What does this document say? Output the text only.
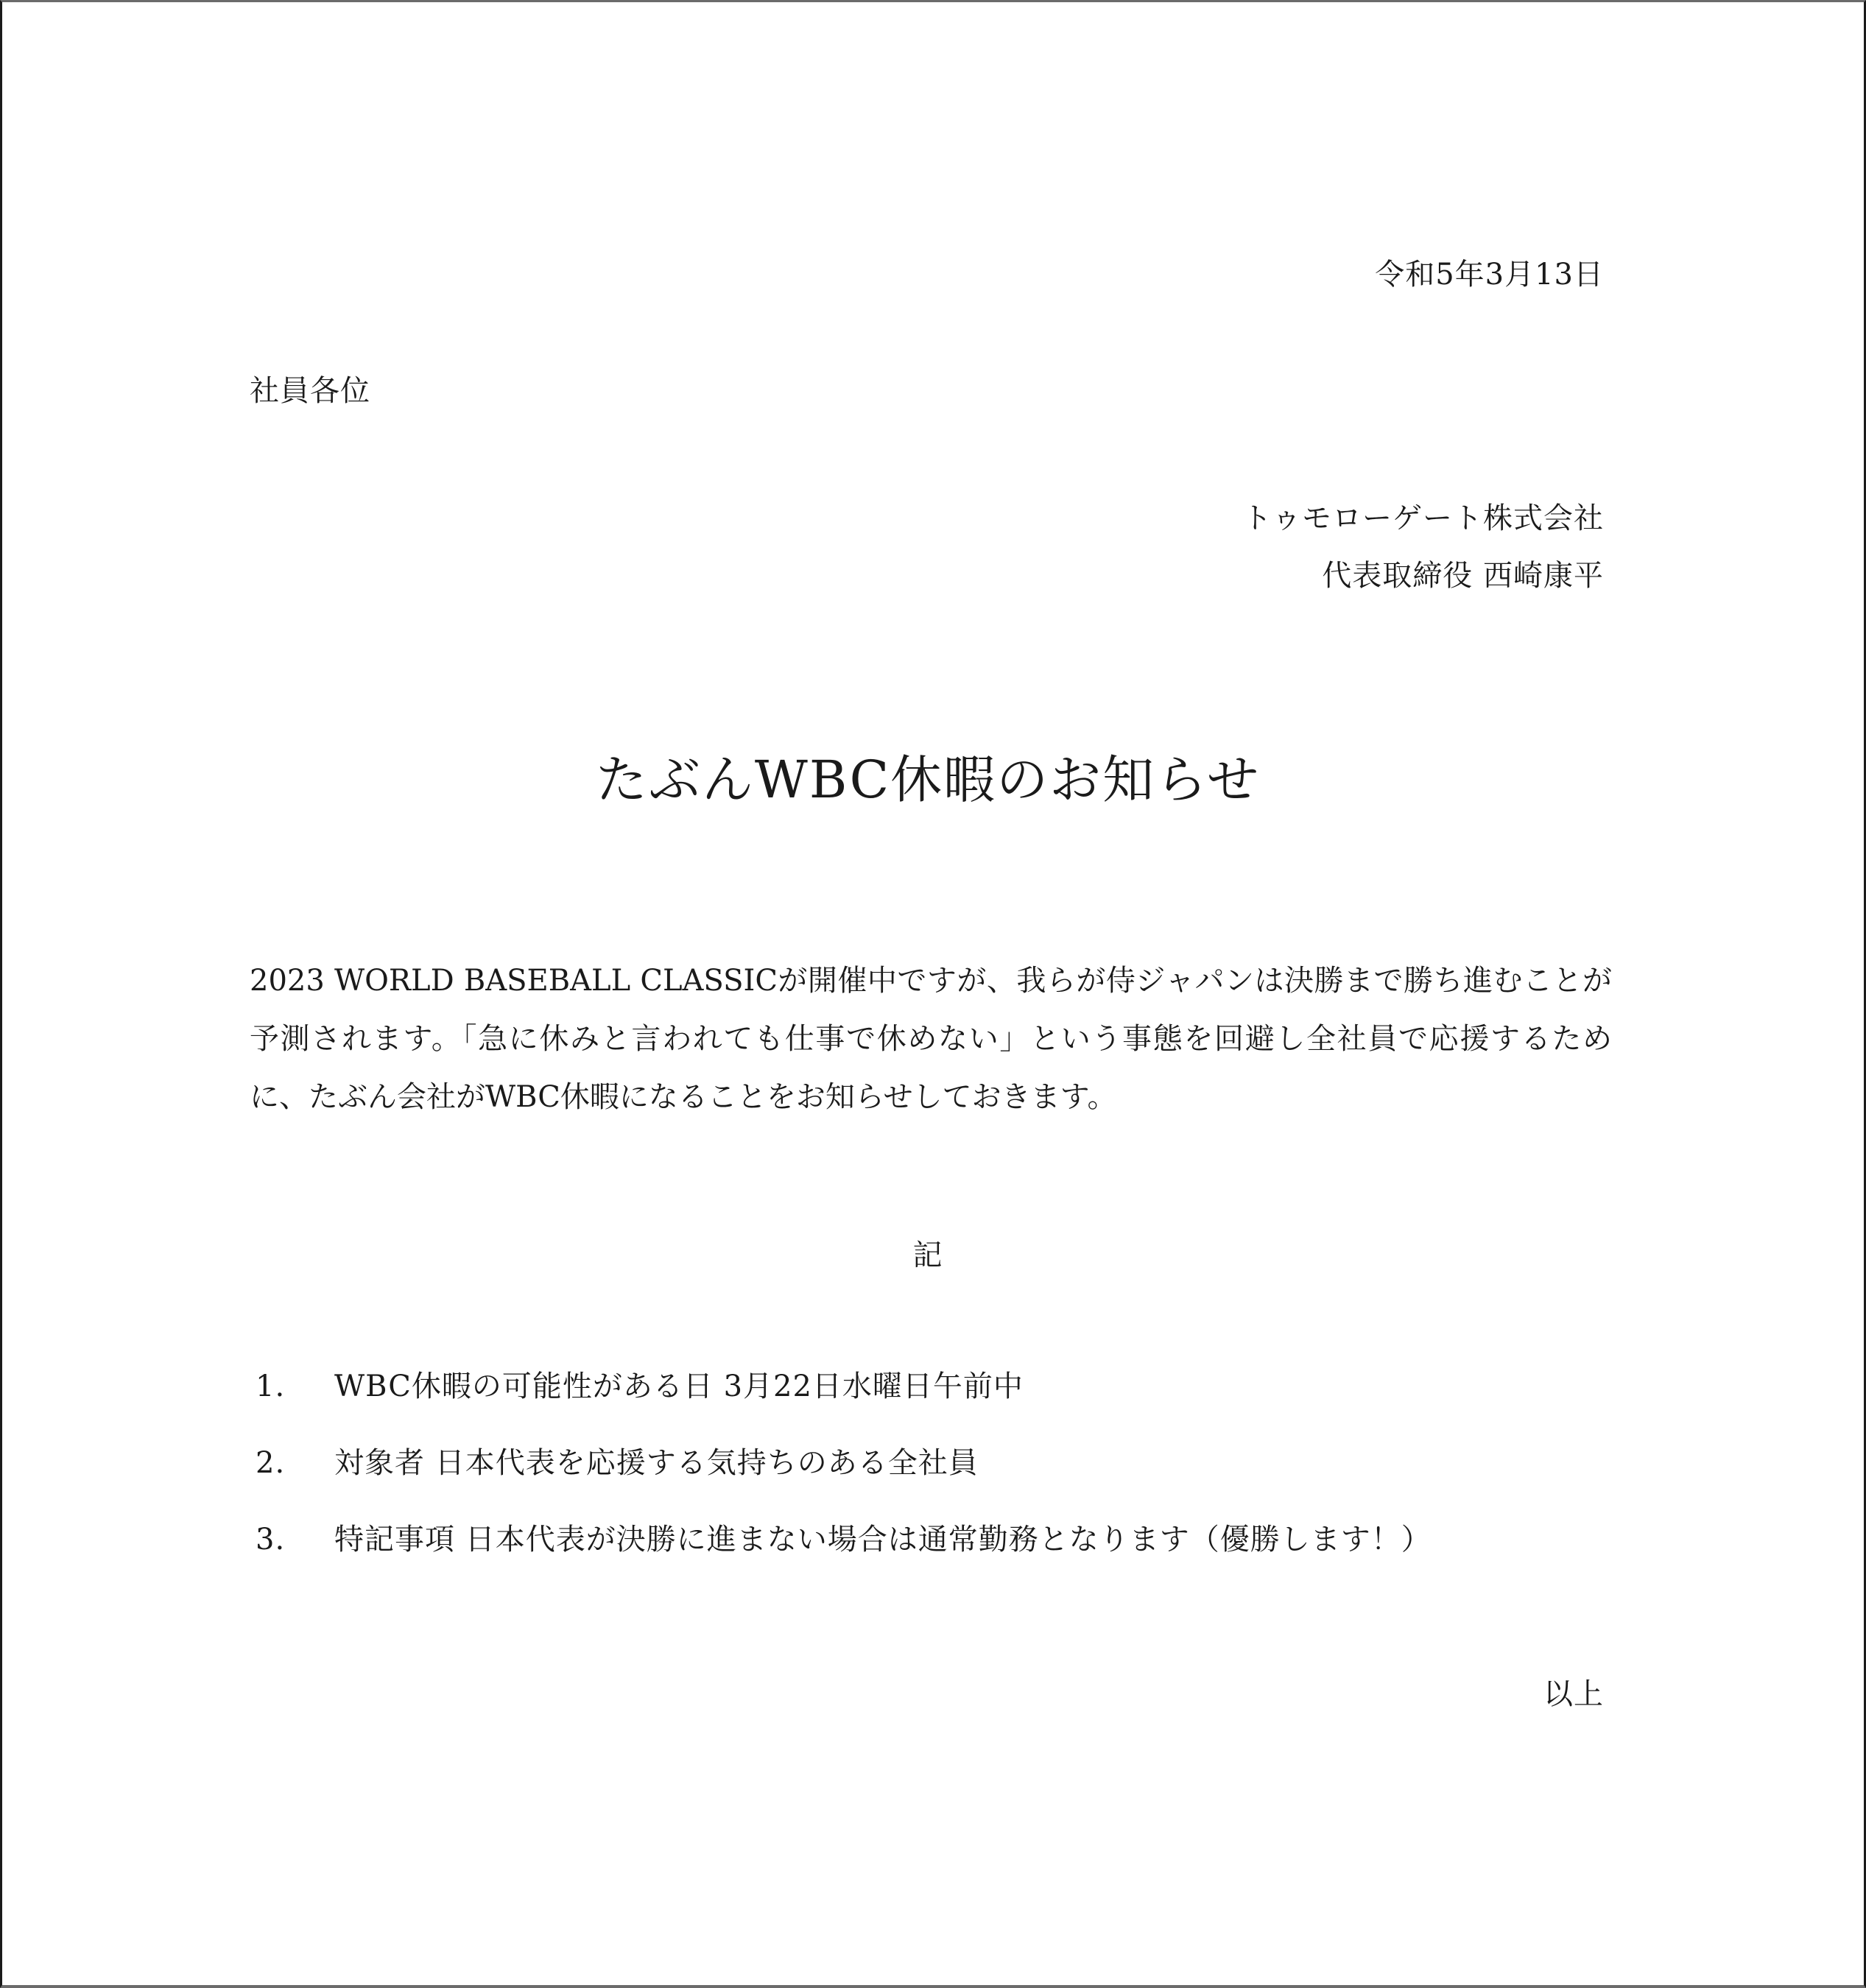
令和5年3月13日
社員各位
トゥモローゲート株式会社
代表取締役 西崎康平
たぶんWBC休暇のお知らせ
2023 WORLD BASEBALL CLASSICが開催中ですが、我らが侍ジャパンは決勝まで勝ち進むことが予測されます。「急に休みと言われても仕事で休めない」という事態を回避し全社員で応援するために、たぶん会社がWBC休暇になることをお知らせしておきます。
記
1.	WBC休暇の可能性がある日 3月22日水曜日午前中
2.	対象者 日本代表を応援する気持ちのある全社員
3.	特記事項 日本代表が決勝に進まない場合は通常勤務となります（優勝します！）
以上
